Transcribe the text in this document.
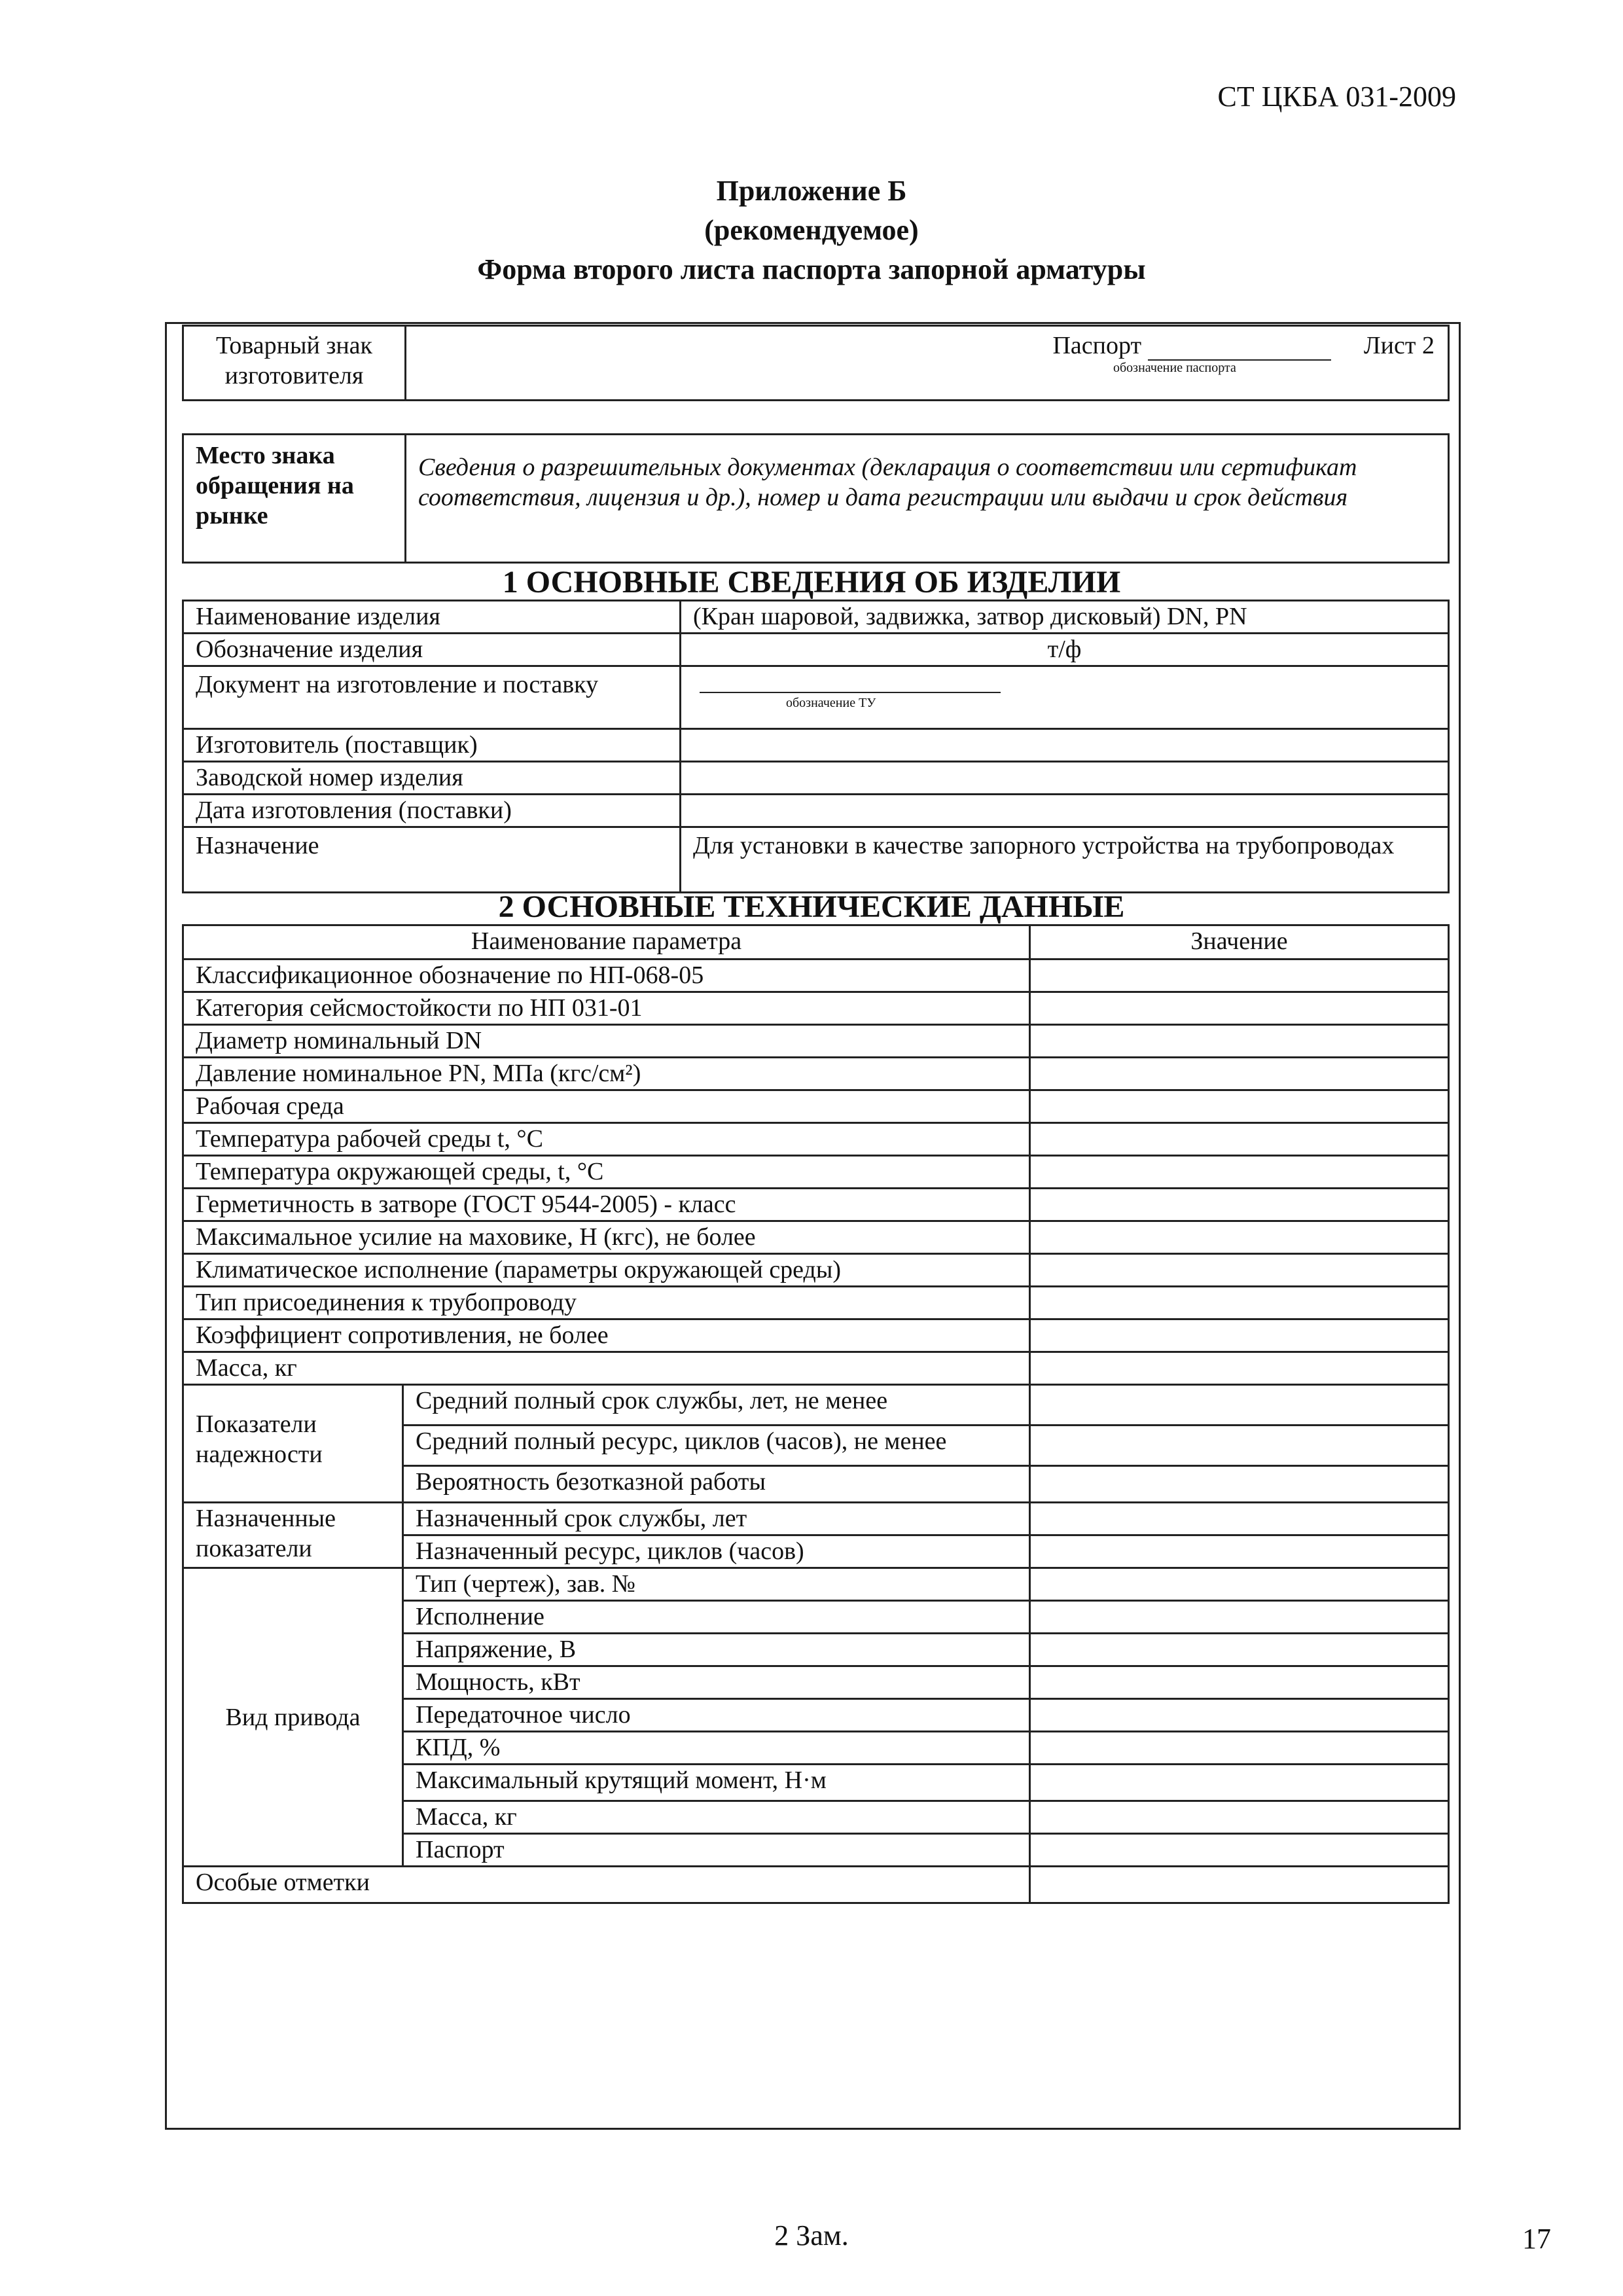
СТ ЦКБА 031-2009
Приложение Б
(рекомендуемое)
Форма второго листа паспорта запорной арматуры
Товарный знак изготовителя	
Паспорт
обозначение паспорта
Лист 2
Место знака обращения на рынке	Сведения о разрешительных документах (декларация о соответствии или сертификат соответствия, лицензия и др.), номер и дата регистрации или выдачи и срок действия
1 ОСНОВНЫЕ СВЕДЕНИЯ ОБ ИЗДЕЛИИ
Наименование изделия	(Кран шаровой, задвижка, затвор дисковый) DN, PN
Обозначение изделия	т/ф
Документ на изготовление и поставку	обозначение ТУ

Изготовитель (поставщик)	
Заводской номер изделия	
Дата изготовления (поставки)	
Назначение	Для установки в качестве запорного устройства на трубопроводах
2 ОСНОВНЫЕ ТЕХНИЧЕСКИЕ ДАННЫЕ
Наименование параметра		Значение
Классификационное обозначение по НП-068-05		
Категория сейсмостойкости по НП 031-01		
Диаметр номинальный DN		
Давление номинальное PN, МПа (кгс/см²)		
Рабочая среда		
Температура рабочей среды t, °C		
Температура окружающей среды, t, °C		
Герметичность в затворе (ГОСТ 9544-2005) - класс		
Максимальное усилие на маховике, Н (кгс), не более		
Климатическое исполнение (параметры окружающей среды)		
Тип присоединения к трубопроводу		
Коэффициент сопротивления, не более		
Масса, кг		
Показатели надежности	Средний полный срок службы, лет, не менее	
	Средний полный ресурс, циклов (часов), не менее	
	Вероятность безотказной работы	
Назначенные показатели	Назначенный срок службы, лет	
	Назначенный ресурс, циклов (часов)	
Вид привода	Тип (чертеж), зав. №	
	Исполнение	
	Напряжение, В	
	Мощность, кВт	
	Передаточное число	
	КПД, %	
	Максимальный крутящий момент, Н·м	
	Масса, кг	
	Паспорт	
Особые отметки		
2 Зам.	17
